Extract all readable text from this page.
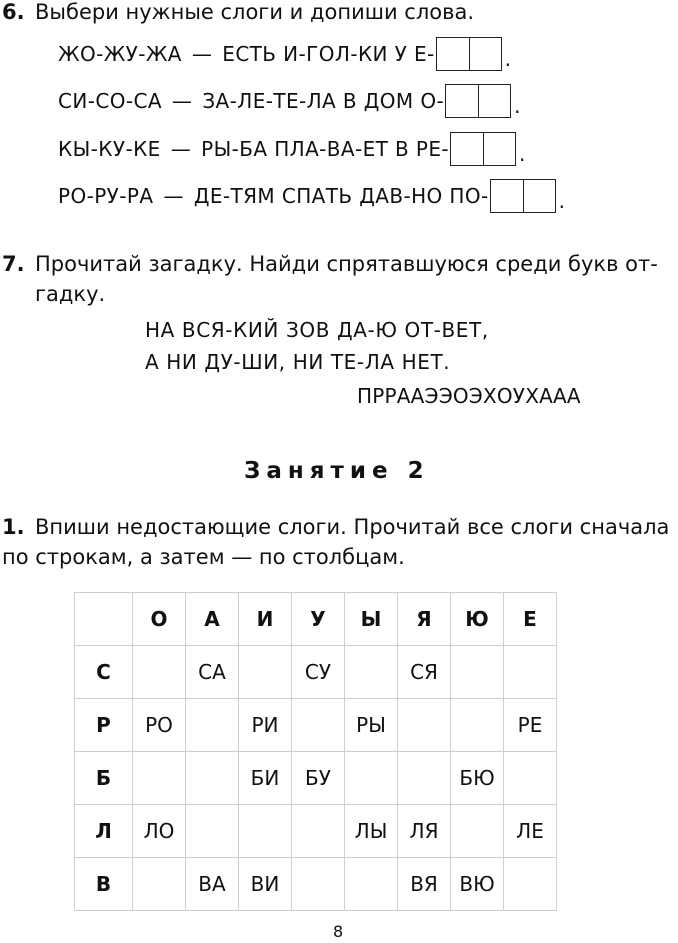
6. Выбери нужные слоги и допиши слова.
ЖО-ЖУ-ЖА — ЕСТЬ И-ГОЛ-КИ У Е-	.
СИ-СО-СА — ЗА-ЛЕ-ТЕ-ЛА В ДОМ О-	.
КЫ-КУ-КЕ — РЫ-БА ПЛА-ВА-ЕТ В РЕ-	.
РО-РУ-РА — ДЕ-ТЯМ СПАТЬ ДАВ-НО ПО-	.
7. Прочитай загадку. Найди спрятавшуюся среди букв от-
гадку.
НА ВСЯ-КИЙ ЗОВ ДА-Ю ОТ-ВЕТ,
А НИ ДУ-ШИ, НИ ТЕ-ЛА НЕТ.
ПРРААЭЭОЭХОУХААА
Занятие 2
1. Впиши недостающие слоги. Прочитай все слоги сначала
по строкам, а затем — по столбцам.
	О	А	И	У	Ы	Я	Ю	Е
С		СА		СУ		СЯ		
Р	РО		РИ		РЫ			РЕ
Б			БИ	БУ			БЮ	
Л	ЛО				ЛЫ	ЛЯ		ЛЕ
В		ВА	ВИ			ВЯ	ВЮ	
8
